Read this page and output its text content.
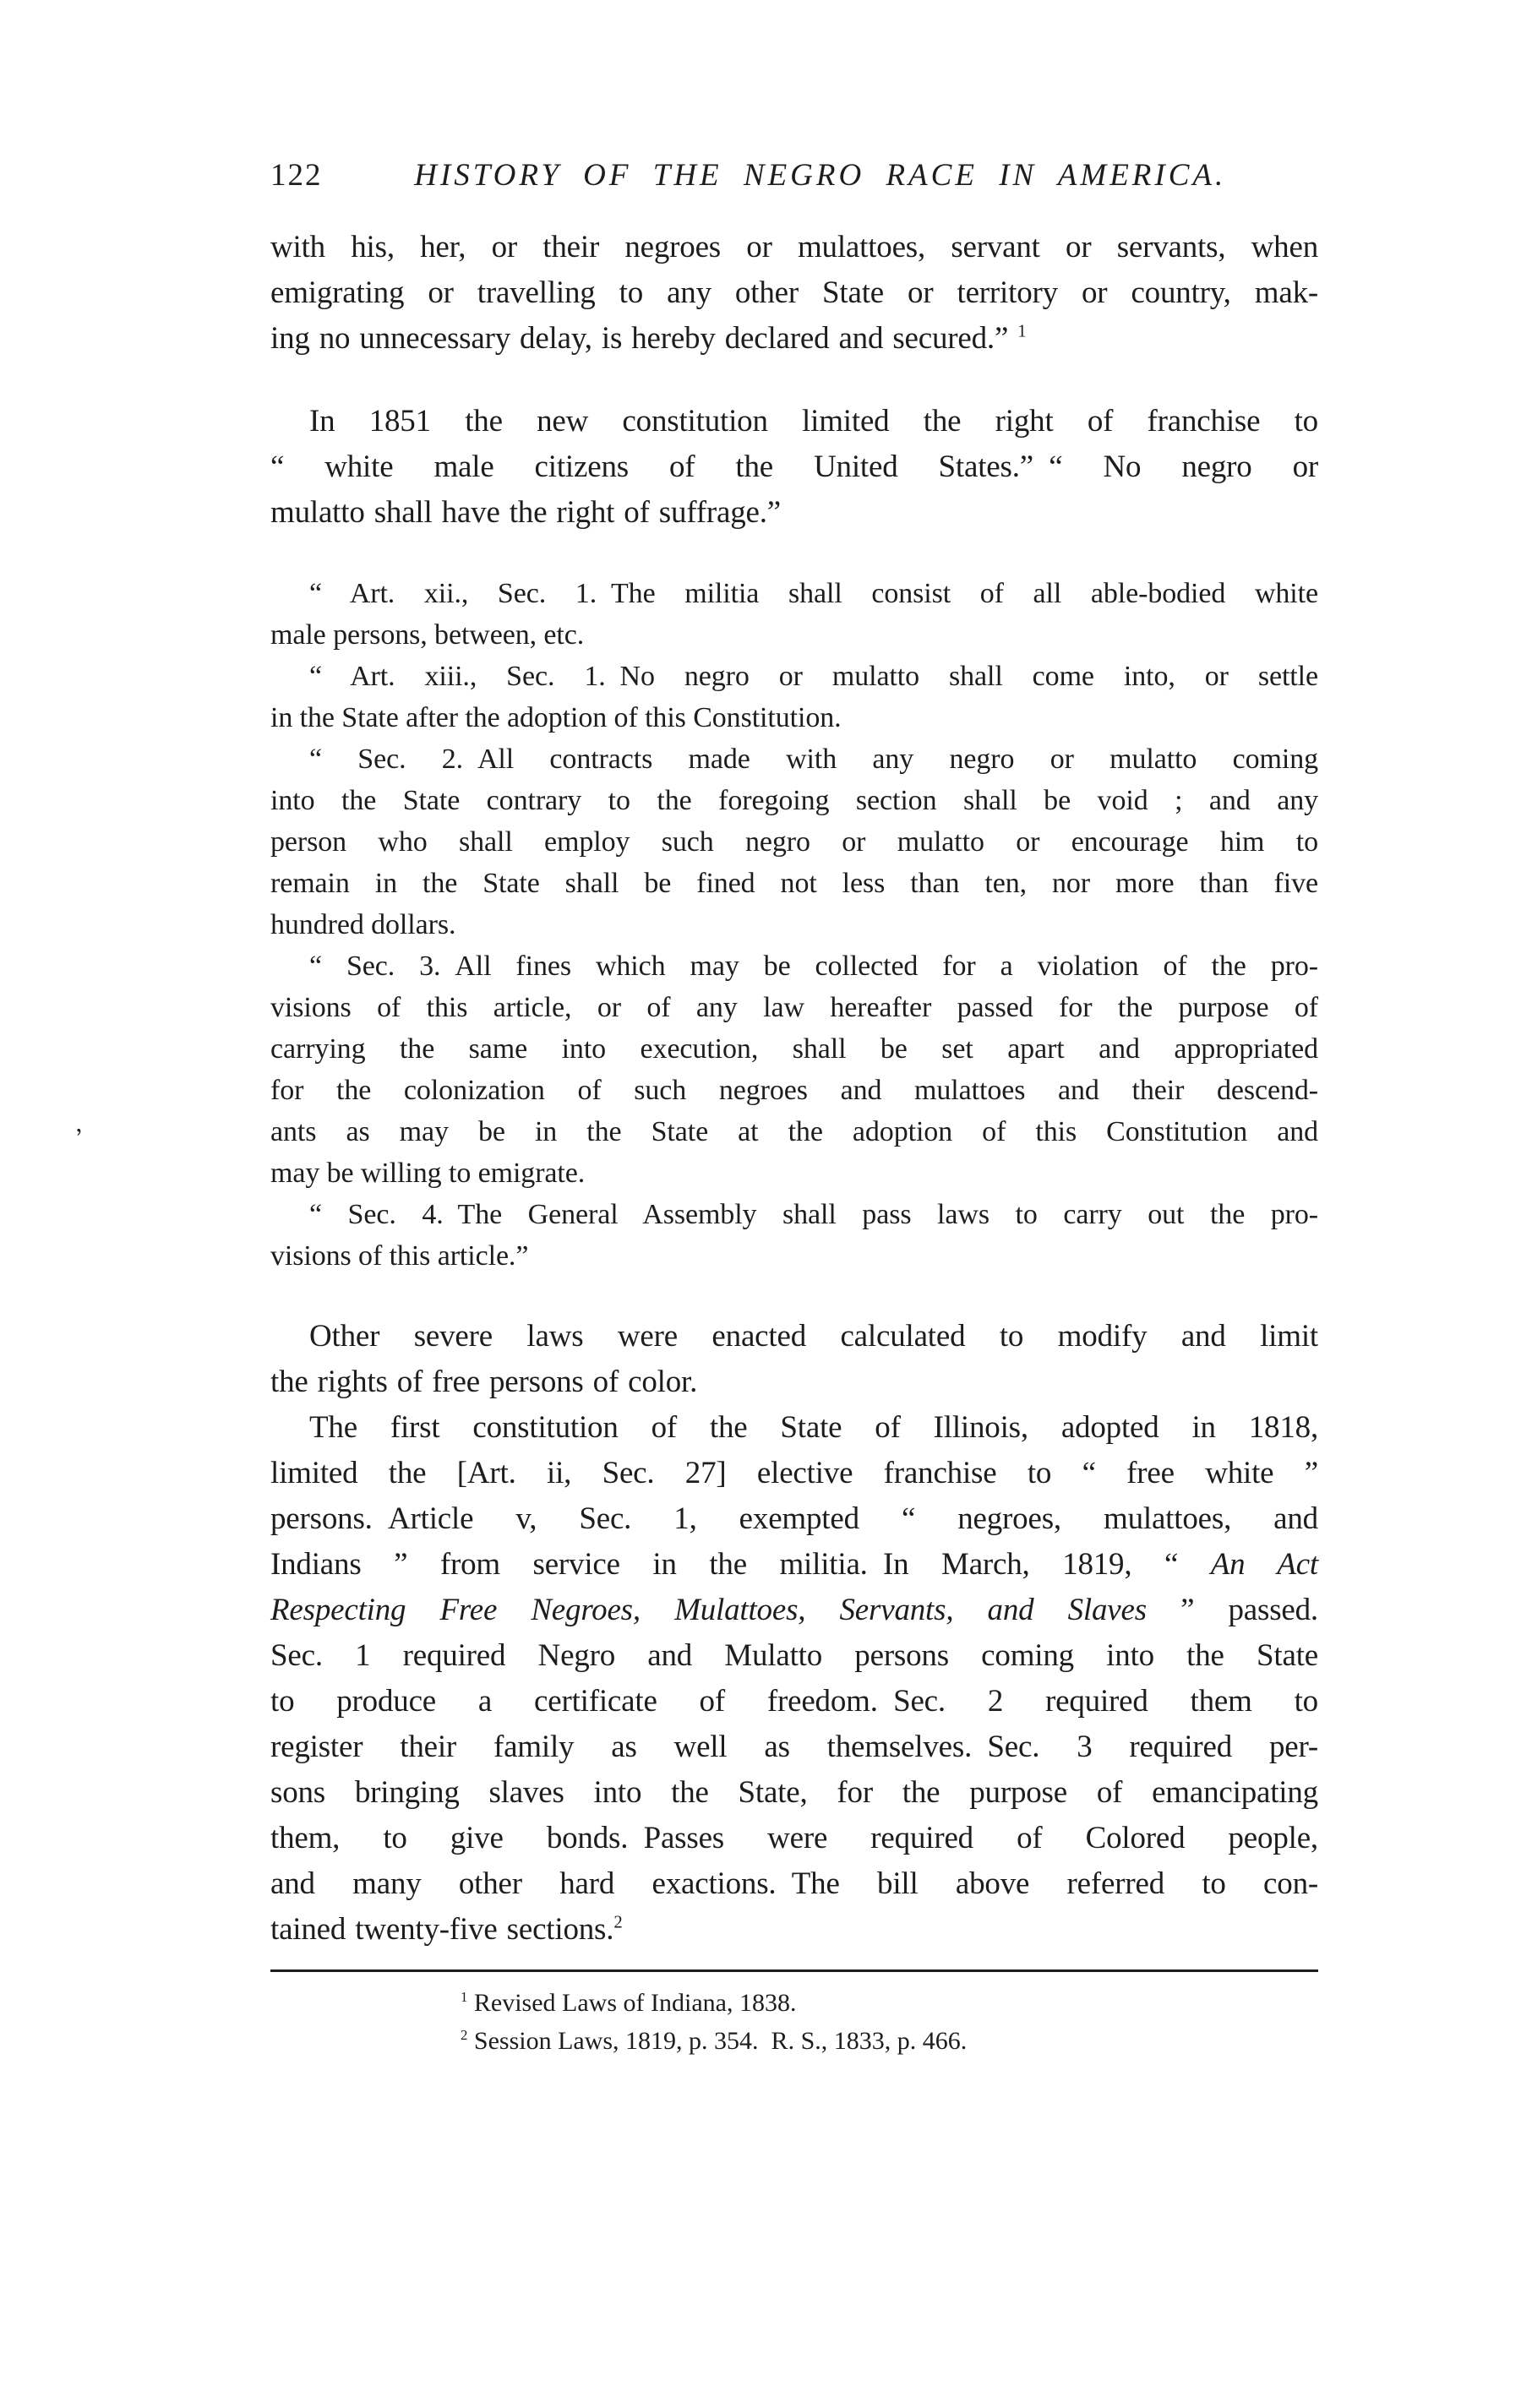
122	HISTORY OF THE NEGRO RACE IN AMERICA.
with his, her, or their negroes or mulattoes, servant or servants, when
emigrating or travelling to any other State or territory or country, mak-
ing no unnecessary delay, is hereby declared and secured.” $^1$
In 1851 the new constitution limited the right of franchise to
“ white male citizens of the United States.” “ No negro or
mulatto shall have the right of suffrage.”
“ Art. xii., Sec. 1. The militia shall consist of all able-bodied white
male persons, between, etc.
“ Art. xiii., Sec. 1. No negro or mulatto shall come into, or settle
in the State after the adoption of this Constitution.
“ Sec. 2. All contracts made with any negro or mulatto coming
into the State contrary to the foregoing section shall be void ; and any
person who shall employ such negro or mulatto or encourage him to
remain in the State shall be fined not less than ten, nor more than five
hundred dollars.
“ Sec. 3. All fines which may be collected for a violation of the pro-
visions of this article, or of any law hereafter passed for the purpose of
carrying the same into execution, shall be set apart and appropriated
for the colonization of such negroes and mulattoes and their descend-
ants as may be in the State at the adoption of this Constitution and
may be willing to emigrate.
“ Sec. 4. The General Assembly shall pass laws to carry out the pro-
visions of this article.”
Other severe laws were enacted calculated to modify and limit
the rights of free persons of color.
The first constitution of the State of Illinois, adopted in 1818,
limited the [Art. ii, Sec. 27] elective franchise to “ free white ”
persons. Article v, Sec. 1, exempted “ negroes, mulattoes, and
Indians ” from service in the militia. In March, 1819, “ An Act
Respecting Free Negroes, Mulattoes, Servants, and Slaves ” passed.
Sec. 1 required Negro and Mulatto persons coming into the State
to produce a certificate of freedom. Sec. 2 required them to
register their family as well as themselves. Sec. 3 required per-
sons bringing slaves into the State, for the purpose of emancipating
them, to give bonds. Passes were required of Colored people,
and many other hard exactions. The bill above referred to con-
tained twenty-five sections.$^2$
$^1$ Revised Laws of Indiana, 1838.
$^2$ Session Laws, 1819, p. 354. R. S., 1833, p. 466.
ʼ
